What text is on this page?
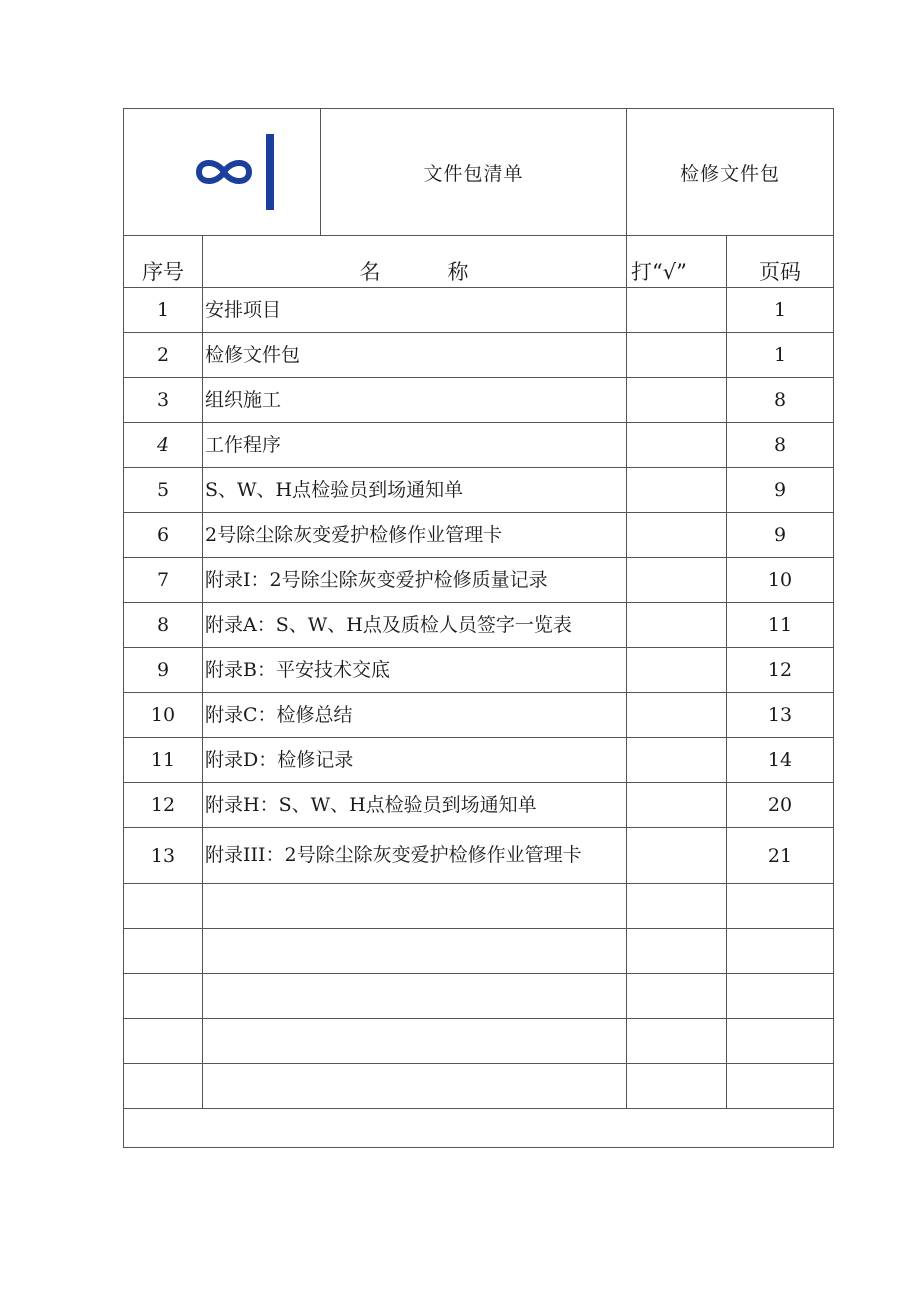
	文件包清单	检修文件包	
序号	名　　　称		打“√”	页码
1	安排项目			1
2	检修文件包			1
3	组织施工			8
4	工作程序			8
5	S、W、H点检验员到场通知单			9
6	2号除尘除灰变爱护检修作业管理卡			9
7	附录I：2号除尘除灰变爱护检修质量记录			10
8	附录A：S、W、H点及质检人员签字一览表			11
9	附录B：平安技术交底			12
10	附录C：检修总结			13
11	附录D：检修记录			14
12	附录H：S、W、H点检验员到场通知单			20
13	附录III：2号除尘除灰变爱护检修作业管理卡			21
